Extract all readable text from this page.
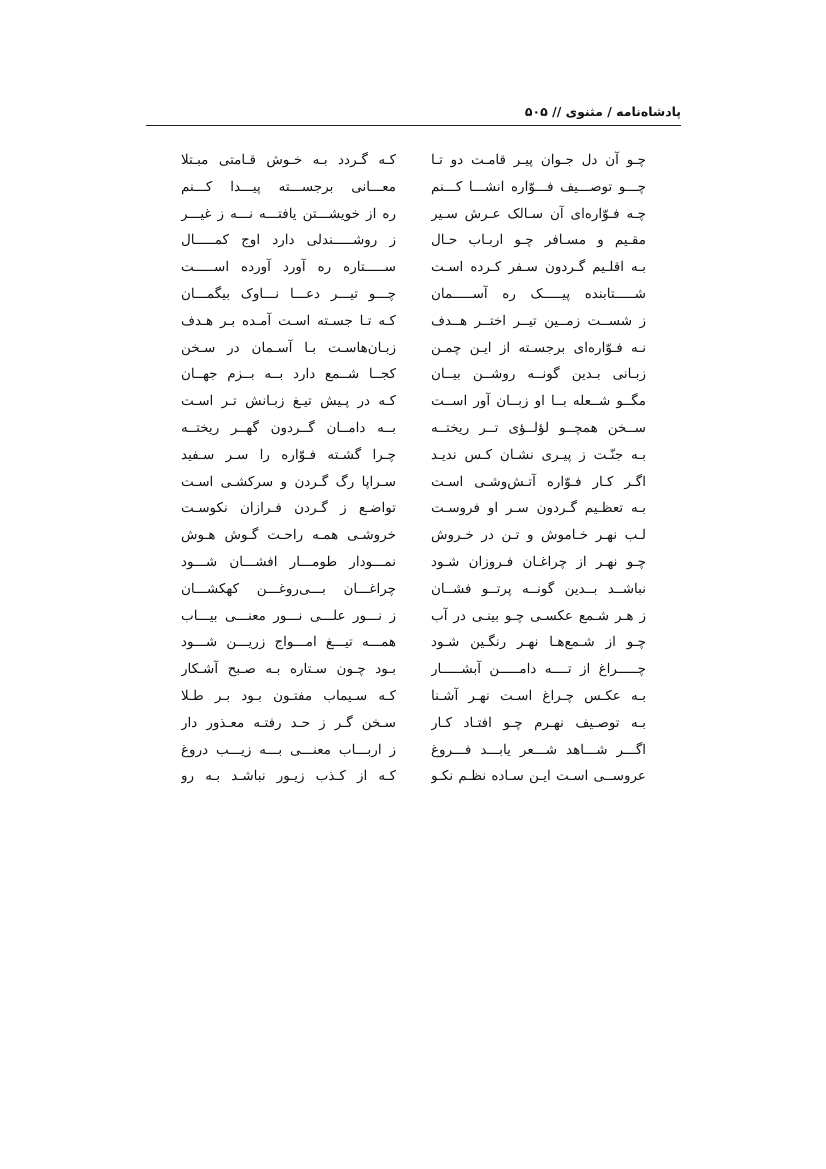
پادشاه‌نامه / مثنوی // ۵۰۵
چـو آن دل جـوان پیـر قامـت دو تـا
چـــو توصـــیف فـــوّاره انشـــا کـــنم
چـه فـوّاره‌ای آن سـالک عـرش سـیر
مقـیم و مسـافر چـو اربـاب حـال
بـه اقلـیم گـردون سـفر کـرده اسـت
شـــــتابنده پیـــــک ره آســـــمان
ز شســت زمــین تیــر اختــر هــدف
نـه فـوّاره‌ای برجسـته از ایـن چمـن
زبـانی بـدین گونــه روشــن بیــان
مگــو شــعله بــا او زبــان آور اســت
ســخن همچــو لؤلــؤی تــر ریختــه
بـه جنّـت ز پیـری نشـان کـس ندیـد
اگـر کـار فـوّاره آتـش‌وشـی اسـت
بـه تعظـیم گـردون سـر او فروسـت
لـب نهـر خـاموش و تـن در خـروش
چـو نهـر از چراغـان فـروزان شـود
نباشــد بــدین گونــه پرتــو فشــان
ز هـر شـمع عکسـی چـو بینـی در آب
چـو از شـمع‌هـا نهـر رنگـین شـود
چـــــراغ از تــــه دامـــــن آبشـــــار
بـه عکـس چـراغ اسـت نهـر آشـنا
بـه توصـیف نهـرم چـو افتـاد کـار
اگـــر شـــاهد شـــعر یابـــد فـــروغ
عروســی اسـت ایـن سـاده نظـم نکـو
کـه گـردد بـه خـوش قـامتی مبـتلا
معـــانی برجســـته پیـــدا کـــنم
ره از خویشـــتن یافتـــه نـــه ز غیـــر
ز روشـــــندلی دارد اوج کمـــــال
ســـــتاره ره آورد آورده اســـــت
چـــو تیـــر دعـــا نـــاوک بیگمـــان
کـه تـا جسـته اسـت آمـده بـر هـدف
زبـان‌هاسـت بـا آسـمان در سـخن
کجــا شــمع دارد بــه بــزم جهــان
کـه در پـیش تیـغ زبـانش تـر اسـت
بــه دامــان گــردون گهــر ریختــه
چـرا گشـته فـوّاره را سـر سـفید
سـراپا رگ گـردن و سرکشـی اسـت
تواضـع ز گـردن فـرازان نکوسـت
خروشـی همـه راحـت گـوش هـوش
نمـــودار طومـــار افشـــان شـــود
چراغـــان بـــی‌روغـــن کهکشـــان
ز نـــور علـــی نـــور معنـــی بیـــاب
همـــه تیـــغ امـــواج زریـــن شـــود
بـود چـون سـتاره بـه صـبح آشـکار
کـه سـیماب مفتـون بـود بـر طـلا
سـخن گـر ز حـد رفتـه معـذور دار
ز اربـــاب معنـــی بـــه زیـــب دروغ
کـه از کـذب زیـور نباشـد بـه رو
